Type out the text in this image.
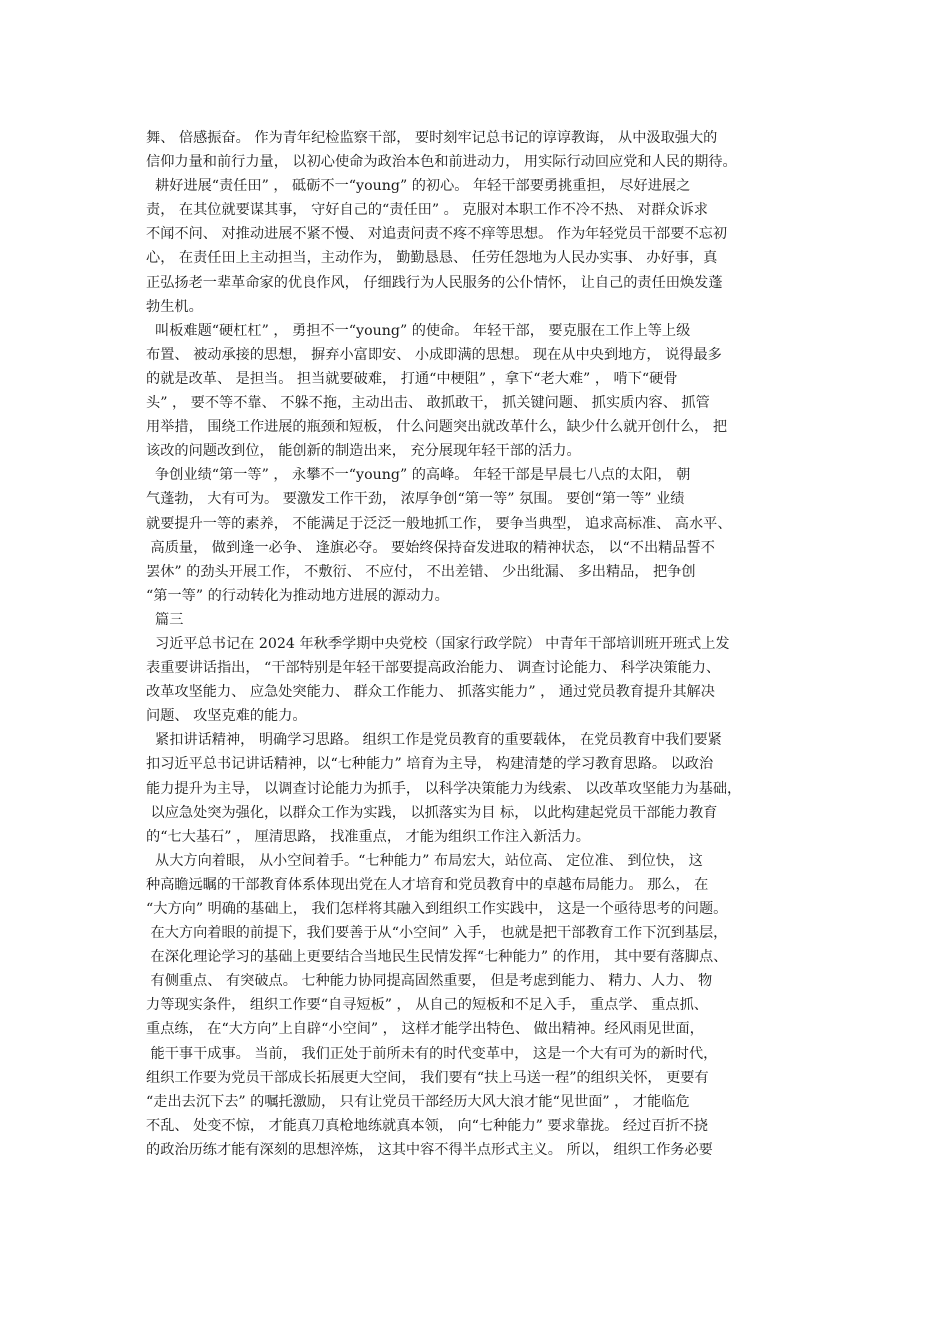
舞、 倍感振奋。 作为青年纪检监察干部， 要时刻牢记总书记的谆谆教诲， 从中汲取强大的
信仰力量和前行力量， 以初心使命为政治本色和前进动力， 用实际行动回应党和人民的期待。
耕好进展“责任田” ， 砥砺不一“young” 的初心。 年轻干部要勇挑重担， 尽好进展之
责， 在其位就要谋其事， 守好自己的“责任田” 。 克服对本职工作不冷不热、 对群众诉求
不闻不问、 对推动进展不紧不慢、 对追责问责不疼不痒等思想。 作为年轻党员干部要不忘初
心， 在责任田上主动担当，主动作为， 勤勤恳恳、 任劳任怨地为人民办实事、 办好事，真
正弘扬老一辈革命家的优良作风， 仔细践行为人民服务的公仆情怀， 让自己的责任田焕发蓬
勃生机。
叫板难题“硬杠杠” ， 勇担不一“young” 的使命。 年轻干部， 要克服在工作上等上级
布置、 被动承接的思想， 摒弃小富即安、 小成即满的思想。 现在从中央到地方， 说得最多
的就是改革、 是担当。 担当就要破难， 打通“中梗阻” ，拿下“老大难” ， 啃下“硬骨
头” ， 要不等不靠、 不躲不拖，主动出击、 敢抓敢干， 抓关键问题、 抓实质内容、 抓管
用举措， 围绕工作进展的瓶颈和短板， 什么问题突出就改革什么，缺少什么就开创什么， 把
该改的问题改到位， 能创新的制造出来， 充分展现年轻干部的活力。
争创业绩“第一等” ， 永攀不一“young” 的高峰。 年轻干部是早晨七八点的太阳， 朝
气蓬勃， 大有可为。 要激发工作干劲， 浓厚争创“第一等” 氛围。 要创“第一等” 业绩
就要提升一等的素养， 不能满足于泛泛一般地抓工作， 要争当典型， 追求高标准、 高水平、
高质量， 做到逢一必争、 逢旗必夺。 要始终保持奋发进取的精神状态， 以“不出精品誓不
罢休” 的劲头开展工作， 不敷衍、 不应付， 不出差错、 少出纰漏、 多出精品， 把争创
“第一等” 的行动转化为推动地方进展的源动力。
篇三
习近平总书记在 2024 年秋季学期中央党校（国家行政学院） 中青年干部培训班开班式上发
表重要讲话指出， “干部特别是年轻干部要提高政治能力、 调查讨论能力、 科学决策能力、
改革攻坚能力、 应急处突能力、 群众工作能力、 抓落实能力” ， 通过党员教育提升其解决
问题、 攻坚克难的能力。
紧扣讲话精神， 明确学习思路。 组织工作是党员教育的重要载体， 在党员教育中我们要紧
扣习近平总书记讲话精神，以“七种能力” 培育为主导， 构建清楚的学习教育思路。 以政治
能力提升为主导， 以调查讨论能力为抓手， 以科学决策能力为线索、 以改革攻坚能力为基础，
以应急处突为强化，以群众工作为实践， 以抓落实为目 标， 以此构建起党员干部能力教育
的“七大基石” ， 厘清思路， 找准重点， 才能为组织工作注入新活力。
从大方向着眼， 从小空间着手。“七种能力” 布局宏大，站位高、 定位准、 到位快， 这
种高瞻远瞩的干部教育体系体现出党在人才培育和党员教育中的卓越布局能力。 那么， 在
“大方向” 明确的基础上， 我们怎样将其融入到组织工作实践中， 这是一个亟待思考的问题。
在大方向着眼的前提下，我们要善于从“小空间” 入手， 也就是把干部教育工作下沉到基层，
在深化理论学习的基础上更要结合当地民生民情发挥“七种能力” 的作用， 其中要有落脚点、
有侧重点、 有突破点。 七种能力协同提高固然重要， 但是考虑到能力、 精力、人力、 物
力等现实条件， 组织工作要“自寻短板” ， 从自己的短板和不足入手， 重点学、 重点抓、
重点练， 在“大方向”上自辟“小空间” ， 这样才能学出特色、 做出精神。经风雨见世面，
能干事干成事。 当前， 我们正处于前所未有的时代变革中， 这是一个大有可为的新时代，
组织工作要为党员干部成长拓展更大空间， 我们要有“扶上马送一程”的组织关怀， 更要有
“走出去沉下去” 的嘱托激励， 只有让党员干部经历大风大浪才能“见世面” ， 才能临危
不乱、 处变不惊， 才能真刀真枪地练就真本领， 向“七种能力” 要求靠拢。 经过百折不挠
的政治历练才能有深刻的思想淬炼， 这其中容不得半点形式主义。 所以， 组织工作务必要
